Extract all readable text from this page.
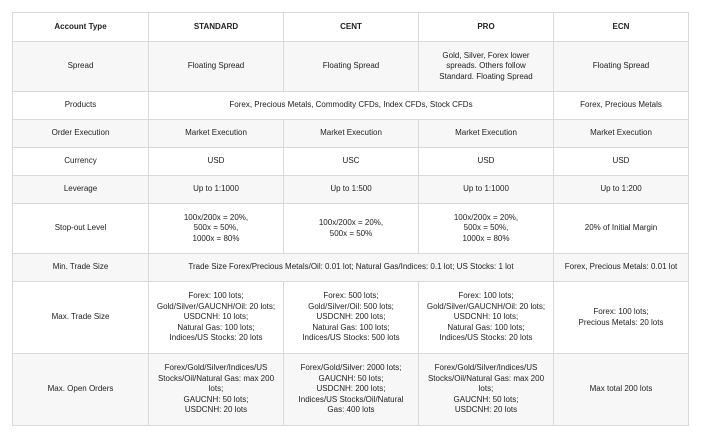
Account Type	STANDARD	CENT	PRO	ECN
Spread	Floating Spread	Floating Spread	Gold, Silver, Forex lower
spreads. Others follow
Standard. Floating Spread	Floating Spread
Products	Forex, Precious Metals, Commodity CFDs, Index CFDs, Stock CFDs			Forex, Precious Metals
Order Execution	Market Execution	Market Execution	Market Execution	Market Execution
Currency	USD	USC	USD	USD
Leverage	Up to 1:1000	Up to 1:500	Up to 1:1000	Up to 1:200
Stop-out Level	100x/200x = 20%,
500x = 50%,
1000x = 80%	100x/200x = 20%,
500x = 50%	100x/200x = 20%,
500x = 50%,
1000x = 80%	20% of Initial Margin
Min. Trade Size	Trade Size Forex/Precious Metals/Oil: 0.01 lot; Natural Gas/Indices: 0.1 lot; US Stocks: 1 lot			Forex, Precious Metals: 0.01 lot
Max. Trade Size	Forex: 100 lots;
Gold/Silver/GAUCNH/Oil: 20 lots;
USDCNH: 10 lots;
Natural Gas: 100 lots;
Indices/US Stocks: 20 lots	Forex: 500 lots;
Gold/Silver/Oil: 500 lots;
USDCNH: 200 lots;
Natural Gas: 100 lots;
Indices/US Stocks: 500 lots	Forex: 100 lots;
Gold/Silver/GAUCNH/Oil: 20 lots;
USDCNH: 10 lots;
Natural Gas: 100 lots;
Indices/US Stocks: 20 lots	Forex: 100 lots;
Precious Metals: 20 lots

Max. Open Orders	Forex/Gold/Silver/Indices/US
Stocks/Oil/Natural Gas: max 200
lots;
GAUCNH: 50 lots;
USDCNH: 20 lots	Forex/Gold/Silver: 2000 lots;
GAUCNH: 50 lots;
USDCNH: 200 lots;
Indices/US Stocks/Oil/Natural
Gas: 400 lots	Forex/Gold/Silver/Indices/US
Stocks/Oil/Natural Gas: max 200
lots;
GAUCNH: 50 lots;
USDCNH: 20 lots	Max total 200 lots
